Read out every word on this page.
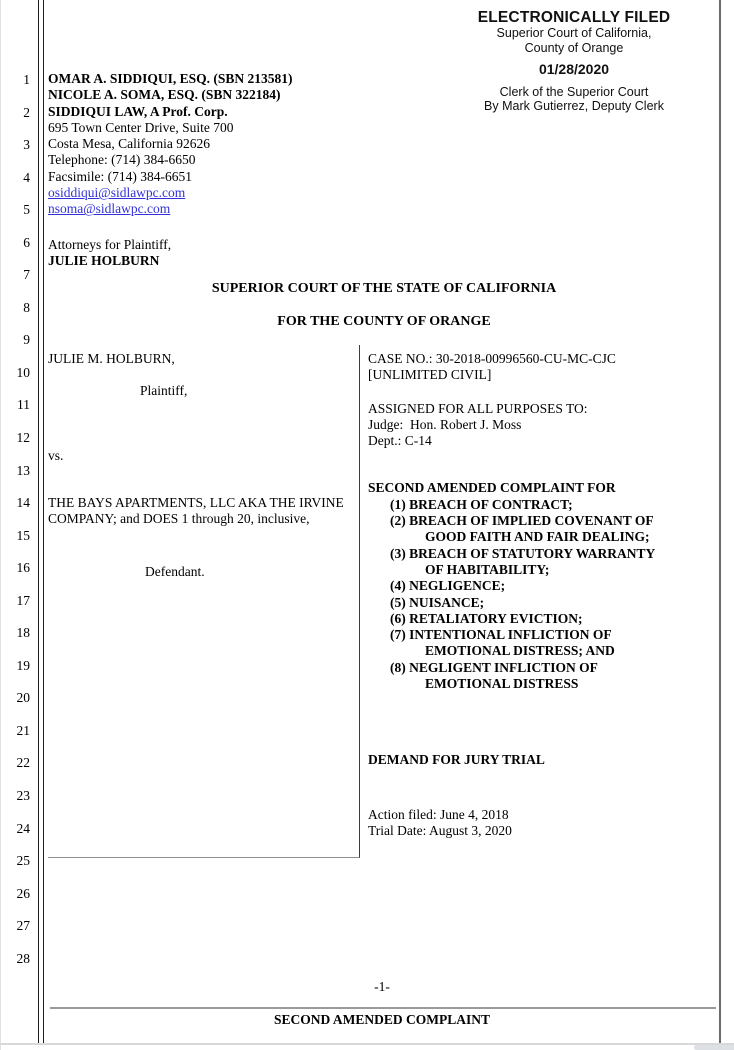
1
2
3
4
5
6
7
8
9
10
11
12
13
14
15
16
17
18
19
20
21
22
23
24
25
26
27
28
ELECTRONICALLY FILED
Superior Court of California,
County of Orange
01/28/2020
Clerk of the Superior Court
By Mark Gutierrez, Deputy Clerk
OMAR A. SIDDIQUI, ESQ. (SBN 213581)
NICOLE A. SOMA, ESQ. (SBN 322184)
SIDDIQUI LAW, A Prof. Corp.
695 Town Center Drive, Suite 700
Costa Mesa, California 92626
Telephone: (714) 384-6650
Facsimile: (714) 384-6651
osiddiqui@sidlawpc.com
nsoma@sidlawpc.com
Attorneys for Plaintiff,
JULIE HOLBURN
SUPERIOR COURT OF THE STATE OF CALIFORNIA
FOR THE COUNTY OF ORANGE
JULIE M. HOLBURN,
Plaintiff,
vs.
THE BAYS APARTMENTS, LLC AKA THE IRVINE COMPANY; and DOES 1 through 20, inclusive,
Defendant.
CASE NO.: 30-2018-00996560-CU-MC-CJC
[UNLIMITED CIVIL]
ASSIGNED FOR ALL PURPOSES TO:
Judge:  Hon. Robert J. Moss
Dept.: C-14
SECOND AMENDED COMPLAINT FOR
(1) BREACH OF CONTRACT;
(2) BREACH OF IMPLIED COVENANT OF GOOD FAITH AND FAIR DEALING;
(3) BREACH OF STATUTORY WARRANTY OF HABITABILITY;
(4) NEGLIGENCE;
(5) NUISANCE;
(6) RETALIATORY EVICTION;
(7) INTENTIONAL INFLICTION OF EMOTIONAL DISTRESS; AND
(8) NEGLIGENT INFLICTION OF EMOTIONAL DISTRESS
DEMAND FOR JURY TRIAL
Action filed: June 4, 2018
Trial Date: August 3, 2020
-1-
SECOND AMENDED COMPLAINT
